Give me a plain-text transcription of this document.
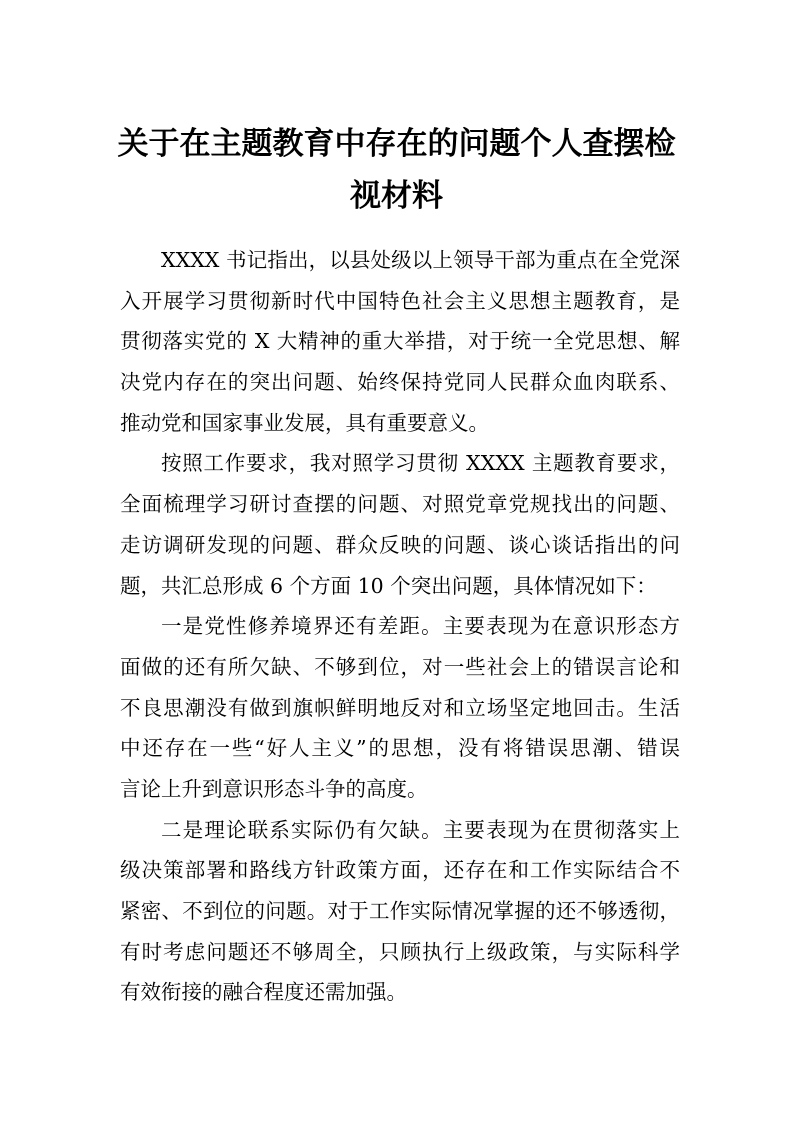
关于在主题教育中存在的问题个人查摆检
视材料
XXXX 书记指出，以县处级以上领导干部为重点在全党深
入开展学习贯彻新时代中国特色社会主义思想主题教育，是
贯彻落实党的 X 大精神的重大举措，对于统一全党思想、解
决党内存在的突出问题、始终保持党同人民群众血肉联系、
推动党和国家事业发展，具有重要意义。
按照工作要求，我对照学习贯彻 XXXX 主题教育要求，
全面梳理学习研讨查摆的问题、对照党章党规找出的问题、
走访调研发现的问题、群众反映的问题、谈心谈话指出的问
题，共汇总形成 6 个方面 10 个突出问题，具体情况如下：
一是党性修养境界还有差距。主要表现为在意识形态方
面做的还有所欠缺、不够到位，对一些社会上的错误言论和
不良思潮没有做到旗帜鲜明地反对和立场坚定地回击。生活
中还存在一些“好人主义”的思想，没有将错误思潮、错误
言论上升到意识形态斗争的高度。
二是理论联系实际仍有欠缺。主要表现为在贯彻落实上
级决策部署和路线方针政策方面，还存在和工作实际结合不
紧密、不到位的问题。对于工作实际情况掌握的还不够透彻，
有时考虑问题还不够周全，只顾执行上级政策，与实际科学
有效衔接的融合程度还需加强。
